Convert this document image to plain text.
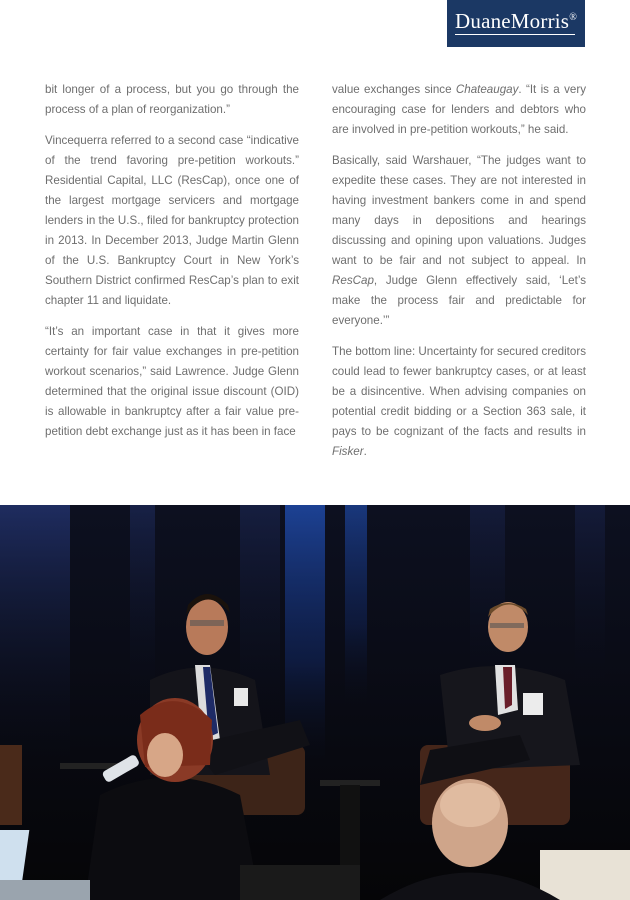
DuaneMorris®

bit longer of a process, but you go through the process of a plan of reorganization.”

Vincequerra referred to a second case “indicative of the trend favoring pre-petition workouts.” Residential Capital, LLC (ResCap), once one of the largest mortgage servicers and mortgage lenders in the U.S., filed for bankruptcy protection in 2013. In December 2013, Judge Martin Glenn of the U.S. Bankruptcy Court in New York’s Southern District confirmed ResCap’s plan to exit chapter 11 and liquidate.

“It’s an important case in that it gives more certainty for fair value exchanges in pre-petition workout scenarios,” said Lawrence. Judge Glenn determined that the original issue discount (OID) is allowable in bankruptcy after a fair value pre-petition debt exchange just as it has been in face

value exchanges since Chateaugay. “It is a very encouraging case for lenders and debtors who are involved in pre-petition workouts,” he said.

Basically, said Warshauer, “The judges want to expedite these cases. They are not interested in having investment bankers come in and spend many days in depositions and hearings discussing and opining upon valuations. Judges want to be fair and not subject to appeal. In ResCap, Judge Glenn effectively said, ‘Let’s make the process fair and predictable for everyone.’”

The bottom line: Uncertainty for secured creditors could lead to fewer bankruptcy cases, or at least be a disincentive. When advising companies on potential credit bidding or a Section 363 sale, it pays to be cognizant of the facts and results in Fisker.
